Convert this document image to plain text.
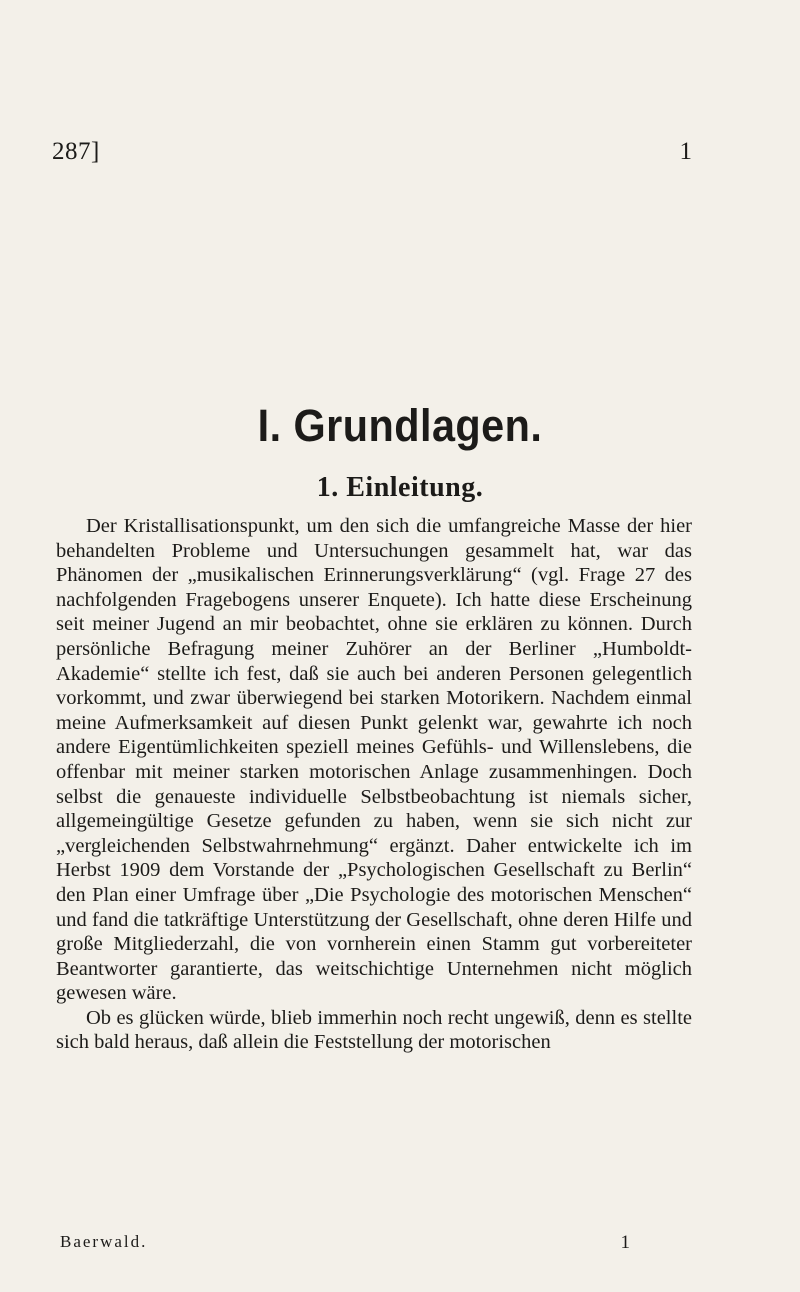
287]	1
I. Grundlagen.
1. Einleitung.

Der Kristallisationspunkt, um den sich die umfangreiche Masse der hier behandelten Probleme und Untersuchungen gesammelt hat, war das Phänomen der „musikalischen Erinnerungsverklärung“ (vgl. Frage 27 des nachfolgenden Fragebogens unserer Enquete). Ich hatte diese Erscheinung seit meiner Jugend an mir beobachtet, ohne sie erklären zu können. Durch persönliche Befragung meiner Zuhörer an der Berliner „Humboldt-Akademie“ stellte ich fest, daß sie auch bei anderen Personen gelegentlich vorkommt, und zwar überwiegend bei starken Motorikern. Nachdem einmal meine Aufmerksamkeit auf diesen Punkt gelenkt war, gewahrte ich noch andere Eigentümlichkeiten speziell meines Gefühls- und Willenslebens, die offenbar mit meiner starken motorischen Anlage zusammenhingen. Doch selbst die genaueste individuelle Selbstbeobachtung ist niemals sicher, allgemeingültige Gesetze gefunden zu haben, wenn sie sich nicht zur „vergleichenden Selbstwahrnehmung“ ergänzt. Daher entwickelte ich im Herbst 1909 dem Vorstande der „Psychologischen Gesellschaft zu Berlin“ den Plan einer Umfrage über „Die Psychologie des motorischen Menschen“ und fand die tatkräftige Unterstützung der Gesellschaft, ohne deren Hilfe und große Mitgliederzahl, die von vornherein einen Stamm gut vorbereiteter Beantworter garantierte, das weitschichtige Unternehmen nicht möglich gewesen wäre.

Ob es glücken würde, blieb immerhin noch recht ungewiß, denn es stellte sich bald heraus, daß allein die Feststellung der motorischen

Baerwald.	1
